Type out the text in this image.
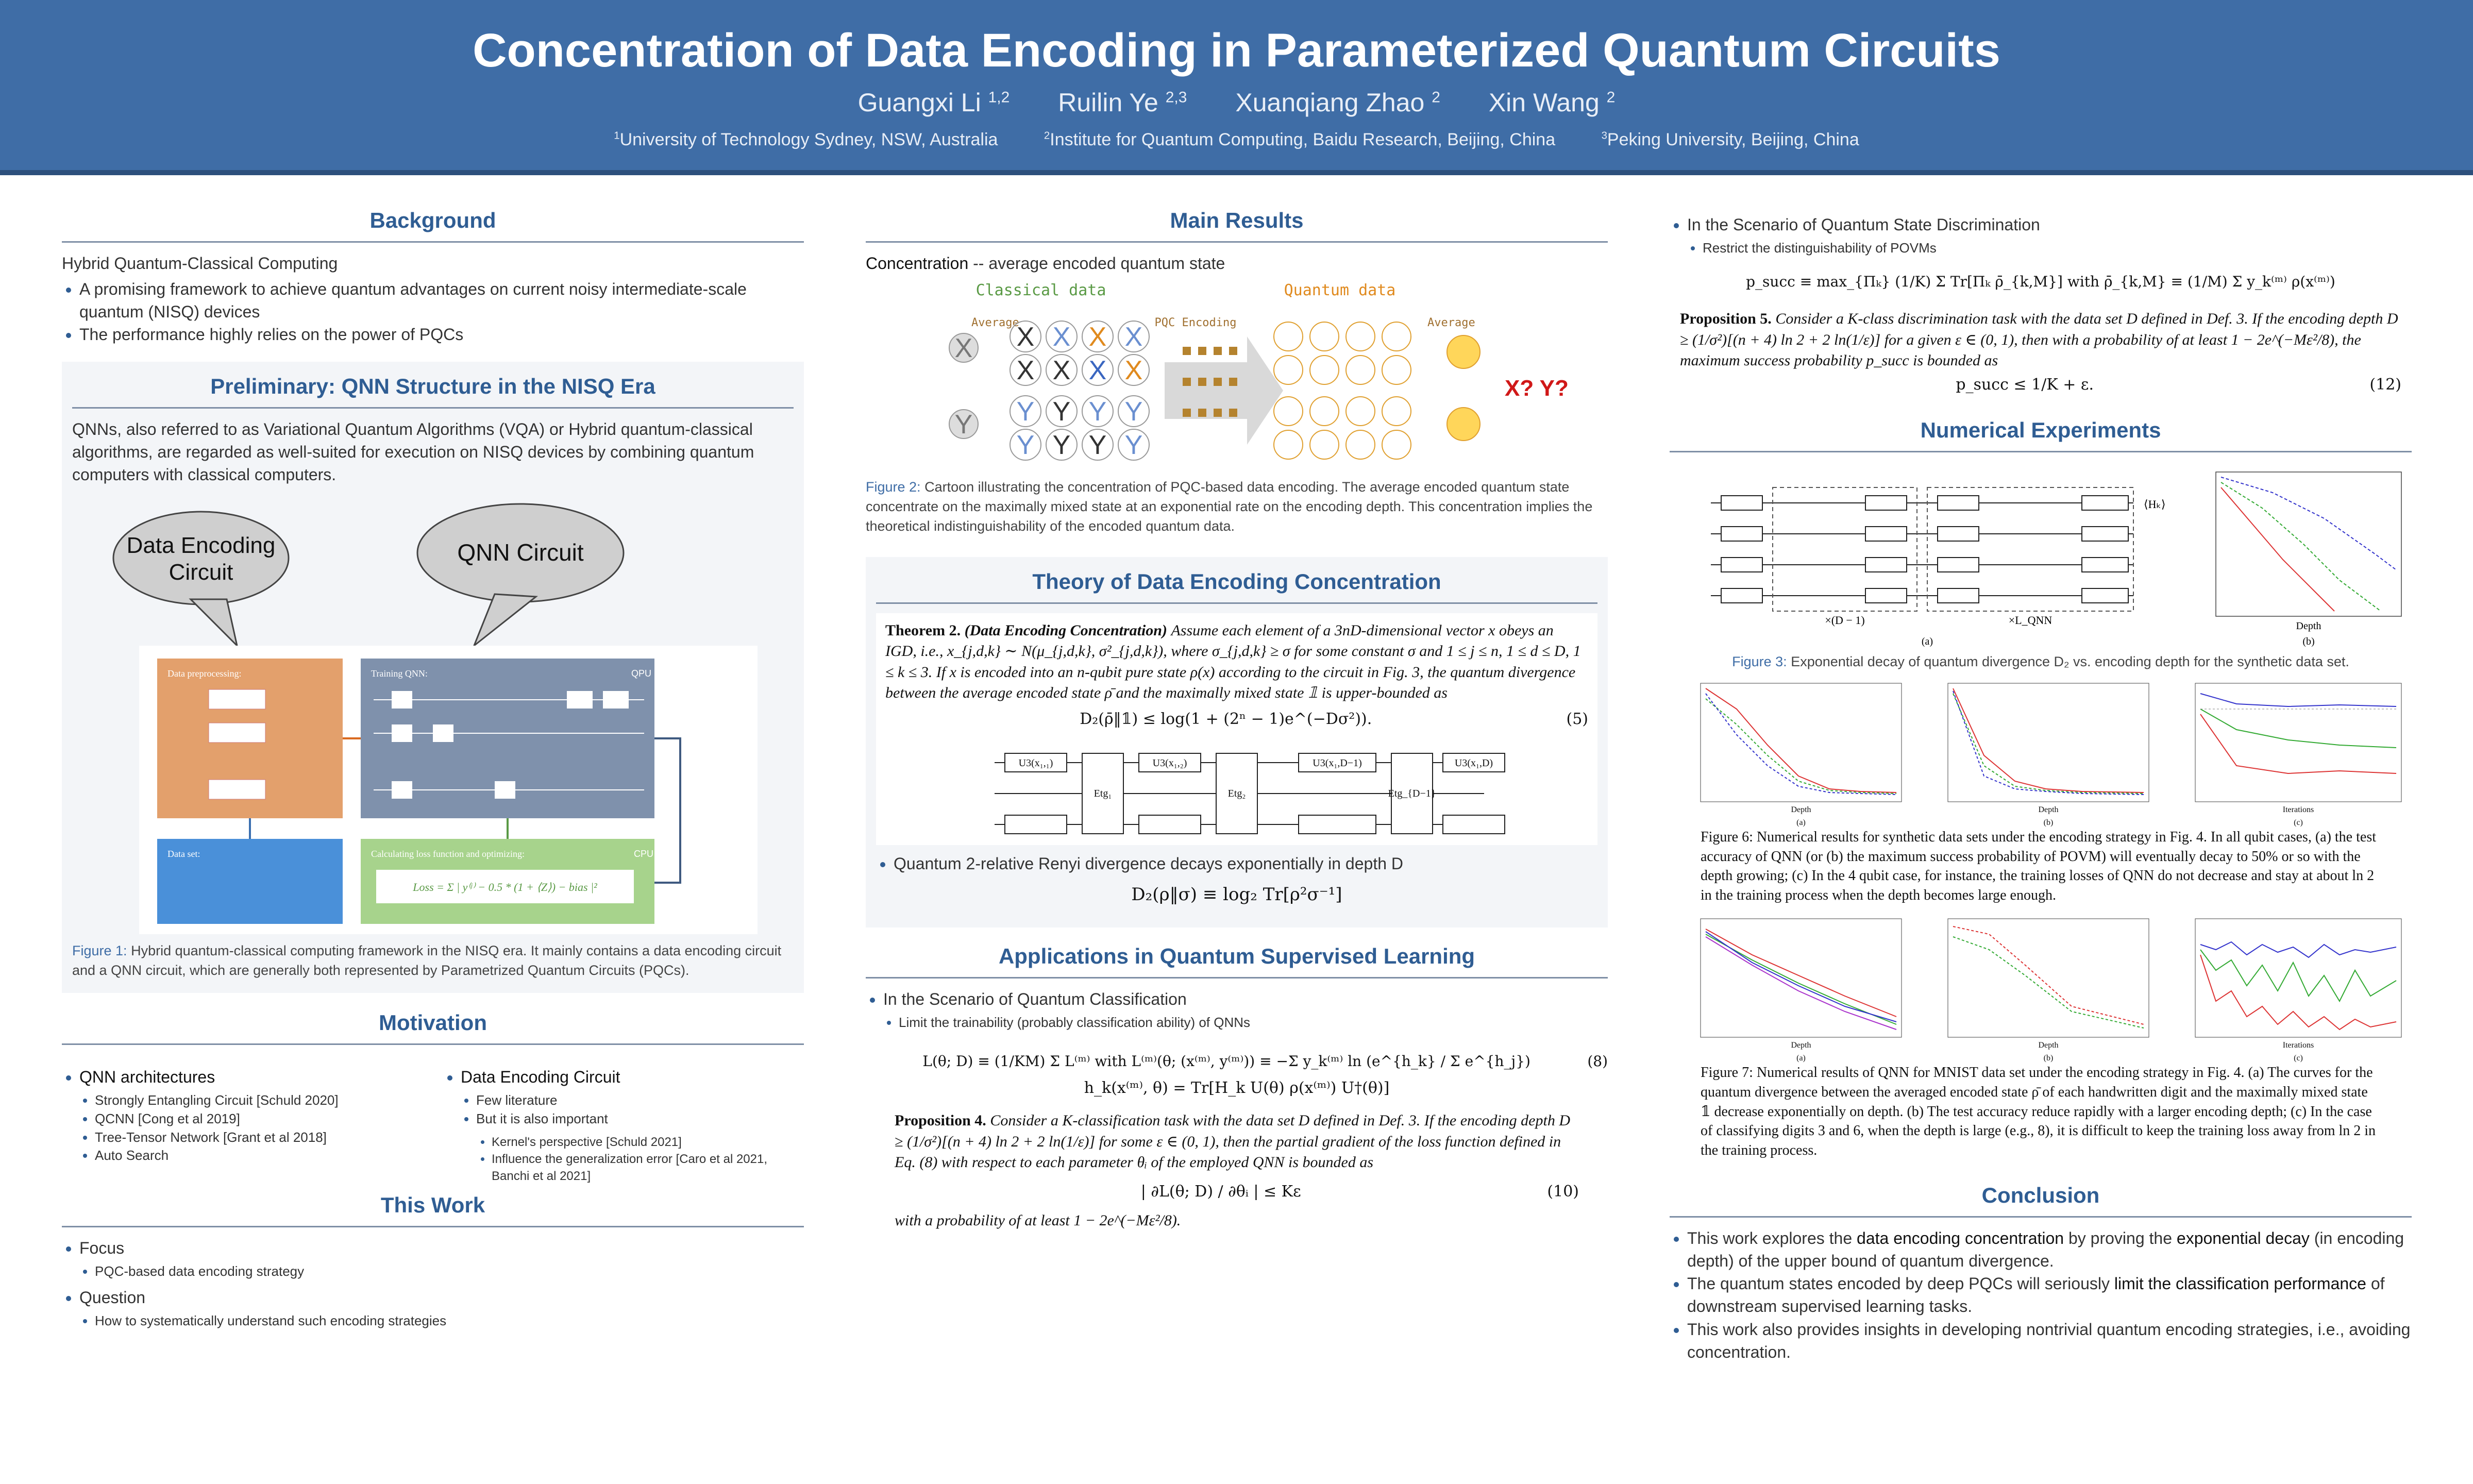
Concentration of Data Encoding in Parameterized Quantum Circuits
Guangxi Li $^{1,2}$ Ruilin Ye $^{2,3}$ Xuanqiang Zhao $^2$ Xin Wang $^2$
$^1$University of Technology Sydney, NSW, Australia	$^2$Institute for Quantum Computing, Baidu Research, Beijing, China	$^3$Peking University, Beijing, China
Background

Hybrid Quantum-Classical Computing

• A promising framework to achieve quantum advantages on current noisy intermediate-scale quantum (NISQ) devices
• The performance highly relies on the power of PQCs
Preliminary: QNN Structure in the NISQ Era

QNNs, also referred to as Variational Quantum Algorithms (VQA) or Hybrid quantum-classical algorithms, are regarded as well-suited for execution on NISQ devices by combining quantum computers with classical computers.

Data Encoding
Circuit
QNN Circuit
Data preprocessing:	Training QNN:	QPU
Data set:	Calculating loss function and optimizing:	CPU
Loss = Σ | y⁽ʲ⁾ − 0.5 * (1 + ⟨Z⟩) − bias |²
Figure 1: Hybrid quantum-classical computing framework in the NISQ era. It mainly contains a data encoding circuit and a QNN circuit, which are generally both represented by Parametrized Quantum Circuits (PQCs).
Motivation
• QNN architectures
• Strongly Entangling Circuit [Schuld 2020]
• QCNN [Cong et al 2019]
• Tree-Tensor Network [Grant et al 2018]
• Auto Search
• Data Encoding Circuit
• Few literature
• But it is also important
• Kernel's perspective [Schuld 2021]
• Influence the generalization error [Caro et al 2021, Banchi et al 2021]
This Work
• Focus
• PQC-based data encoding strategy
• Question
• How to systematically understand such encoding strategies
Main Results

Concentration -- average encoded quantum state

Classical data	Quantum data
Average	Average
PQC Encoding
X X X X X
X X X X
Y Y Y Y Y
Y Y Y Y
X? Y?
Figure 2: Cartoon illustrating the concentration of PQC-based data encoding. The average encoded quantum state concentrate on the maximally mixed state at an exponential rate on the encoding depth. This concentration implies the theoretical indistinguishability of the encoded quantum data.
Theory of Data Encoding Concentration
Theorem 2. (Data Encoding Concentration) Assume each element of a 3nD-dimensional vector x obeys an IGD, i.e., x_{j,d,k} ∼ N(μ_{j,d,k}, σ²_{j,d,k}), where σ_{j,d,k} ≥ σ for some constant σ and 1 ≤ j ≤ n, 1 ≤ d ≤ D, 1 ≤ k ≤ 3. If x is encoded into an n-qubit pure state ρ(x) according to the circuit in Fig. 3, the quantum divergence between the average encoded state ρ̄ and the maximally mixed state 𝟙 is upper-bounded as
D₂(ρ̄‖𝟙) ≤ log(1 + (2ⁿ − 1)e^(−Dσ²)).	(5)
U3(x₁,₁)
Etg₁
U3(x₁,₂)
Etg₂
U3(x₁,D−1)
Etg_{D−1}
U3(x₁,D)
• Quantum 2-relative Renyi divergence decays exponentially in depth D
D₂(ρ‖σ) ≡ log₂ Tr[ρ²σ⁻¹]
Applications in Quantum Supervised Learning
• In the Scenario of Quantum Classification
• Limit the trainability (probably classification ability) of QNNs
L(θ; D) ≡ (1/KM) Σ L⁽ᵐ⁾ with L⁽ᵐ⁾(θ; (x⁽ᵐ⁾, y⁽ᵐ⁾)) ≡ −Σ y_k⁽ᵐ⁾ ln (e^{h_k} / Σ e^{h_j})	(8)
h_k(x⁽ᵐ⁾, θ) = Tr[H_k U(θ) ρ(x⁽ᵐ⁾) U†(θ)]
Proposition 4. Consider a K-classification task with the data set D defined in Def. 3. If the encoding depth D ≥ (1/σ²)[(n + 4) ln 2 + 2 ln(1/ε)] for some ε ∈ (0, 1), then the partial gradient of the loss function defined in Eq. (8) with respect to each parameter θᵢ of the employed QNN is bounded as
| ∂L(θ; D) / ∂θᵢ | ≤ Kε	(10)
with a probability of at least 1 − 2e^(−Mε²/8).
• In the Scenario of Quantum State Discrimination
• Restrict the distinguishability of POVMs
p_succ ≡ max_{Πₖ} (1/K) Σ Tr[Πₖ ρ̄_{k,M}] with ρ̄_{k,M} ≡ (1/M) Σ y_k⁽ᵐ⁾ ρ(x⁽ᵐ⁾)
Proposition 5. Consider a K-class discrimination task with the data set D defined in Def. 3. If the encoding depth D ≥ (1/σ²)[(n + 4) ln 2 + 2 ln(1/ε)] for a given ε ∈ (0, 1), then with a probability of at least 1 − 2e^(−Mε²/8), the maximum success probability p_succ is bounded as
p_succ ≤ 1/K + ε.	(12)
Numerical Experiments
×(D − 1)	×L_QNN
⟨Hₖ⟩
(a)
Depth
(b)
Figure 3: Exponential decay of quantum divergence D₂ vs. encoding depth for the synthetic data set.
Depth
(a)
Depth
(b)
Iterations
(c)
Figure 6: Numerical results for synthetic data sets under the encoding strategy in Fig. 4. In all qubit cases, (a) the test accuracy of QNN (or (b) the maximum success probability of POVM) will eventually decay to 50% or so with the depth growing; (c) In the 4 qubit case, for instance, the training losses of QNN do not decrease and stay at about ln 2 in the training process when the depth becomes large enough.
Depth
(a)
Depth
(b)
Iterations
(c)
Figure 7: Numerical results of QNN for MNIST data set under the encoding strategy in Fig. 4. (a) The curves for the quantum divergence between the averaged encoded state ρ̄ of each handwritten digit and the maximally mixed state 𝟙 decrease exponentially on depth. (b) The test accuracy reduce rapidly with a larger encoding depth; (c) In the case of classifying digits 3 and 6, when the depth is large (e.g., 8), it is difficult to keep the training loss away from ln 2 in the training process.
Conclusion
• This work explores the data encoding concentration by proving the exponential decay (in encoding depth) of the upper bound of quantum divergence.
• The quantum states encoded by deep PQCs will seriously limit the classification performance of downstream supervised learning tasks.
• This work also provides insights in developing nontrivial quantum encoding strategies, i.e., avoiding concentration.
